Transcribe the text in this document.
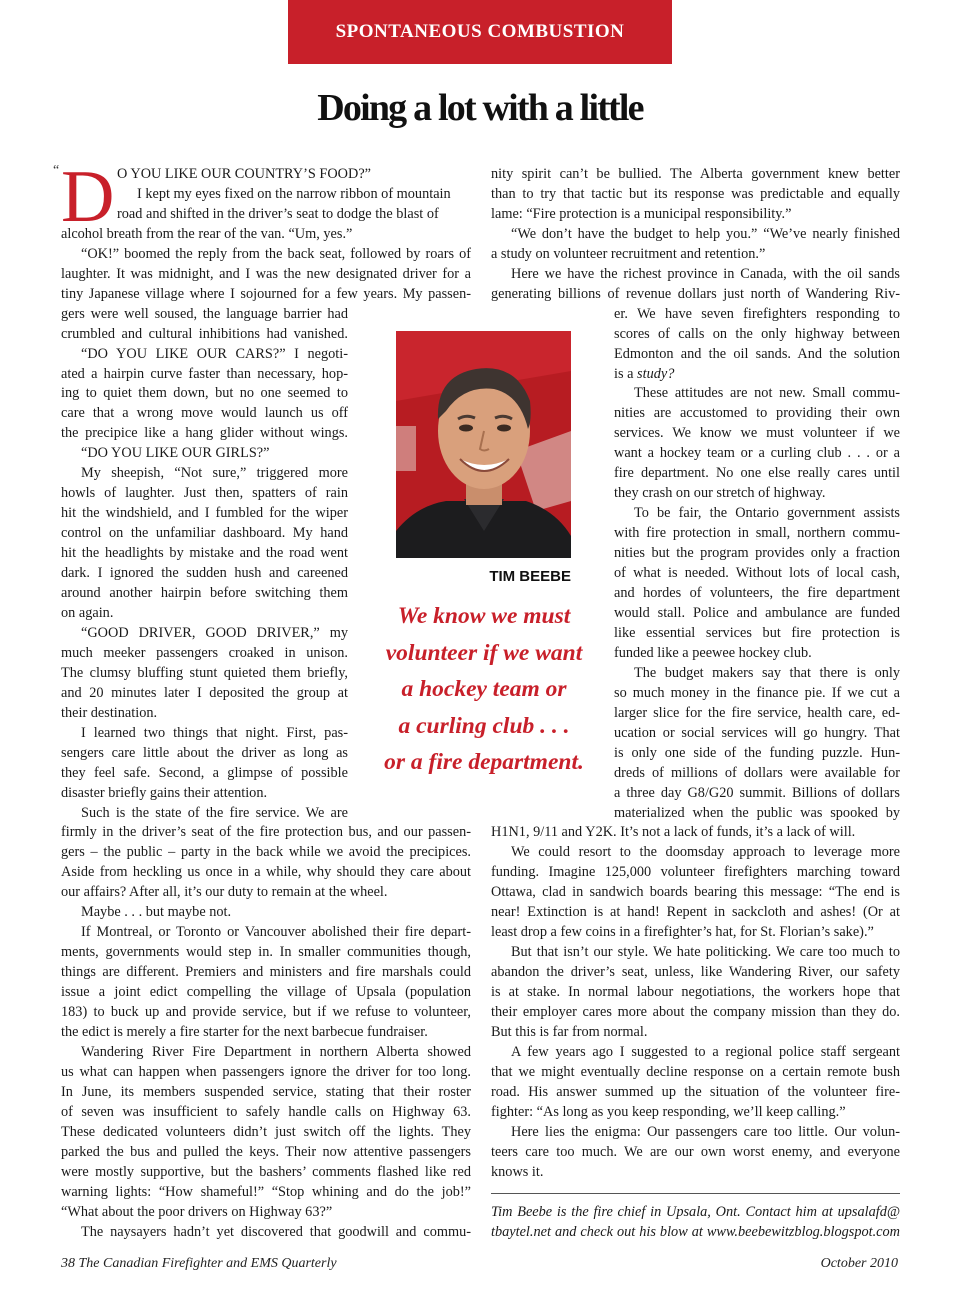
SPONTANEOUS COMBUSTION
Doing a lot with a little
“ D O YOU LIKE OUR COUNTRY’S FOOD?”
I kept my eyes fixed on the narrow ribbon of mountain
road and shifted in the driver’s seat to dodge the blast of
alcohol breath from the rear of the van. “Um, yes.”
“OK!” boomed the reply from the back seat, followed by roars of
laughter. It was midnight, and I was the new designated driver for a
tiny Japanese village where I sojourned for a few years. My passen-
gers were well soused, the language barrier had
crumbled and cultural inhibitions had vanished.
“DO YOU LIKE OUR CARS?” I negoti-
ated a hairpin curve faster than necessary, hop-
ing to quiet them down, but no one seemed to
care that a wrong move would launch us off
the precipice like a hang glider without wings.
“DO YOU LIKE OUR GIRLS?”
My sheepish, “Not sure,” triggered more
howls of laughter. Just then, spatters of rain
hit the windshield, and I fumbled for the wiper
control on the unfamiliar dashboard. My hand
hit the headlights by mistake and the road went
dark. I ignored the sudden hush and careened
around another hairpin before switching them
on again.
“GOOD DRIVER, GOOD DRIVER,” my
much meeker passengers croaked in unison.
The clumsy bluffing stunt quieted them briefly,
and 20 minutes later I deposited the group at
their destination.
I learned two things that night. First, pas-
sengers care little about the driver as long as
they feel safe. Second, a glimpse of possible
disaster briefly gains their attention.
Such is the state of the fire service. We are
firmly in the driver’s seat of the fire protection bus, and our passen-
gers – the public – party in the back while we avoid the precipices.
Aside from heckling us once in a while, why should they care about
our affairs? After all, it’s our duty to remain at the wheel.
Maybe . . . but maybe not.
If Montreal, or Toronto or Vancouver abolished their fire depart-
ments, governments would step in. In smaller communities though,
things are different. Premiers and ministers and fire marshals could
issue a joint edict compelling the village of Upsala (population
183) to buck up and provide service, but if we refuse to volunteer,
the edict is merely a fire starter for the next barbecue fundraiser.
Wandering River Fire Department in northern Alberta showed
us what can happen when passengers ignore the driver for too long.
In June, its members suspended service, stating that their roster
of seven was insufficient to safely handle calls on Highway 63.
These dedicated volunteers didn’t just switch off the lights. They
parked the bus and pulled the keys. Their now attentive passengers
were mostly supportive, but the bashers’ comments flashed like red
warning lights: “How shameful!” “Stop whining and do the job!”
“What about the poor drivers on Highway 63?”
The naysayers hadn’t yet discovered that goodwill and commu-
nity spirit can’t be bullied. The Alberta government knew better
than to try that tactic but its response was predictable and equally
lame: “Fire protection is a municipal responsibility.”
“We don’t have the budget to help you.” “We’ve nearly finished
a study on volunteer recruitment and retention.”
Here we have the richest province in Canada, with the oil sands
generating billions of revenue dollars just north of Wandering Riv-
er. We have seven firefighters responding to
scores of calls on the only highway between
Edmonton and the oil sands. And the solution
is a study?
These attitudes are not new. Small commu-
nities are accustomed to providing their own
services. We know we must volunteer if we
want a hockey team or a curling club . . . or a
fire department. No one else really cares until
they crash on our stretch of highway.
To be fair, the Ontario government assists
with fire protection in small, northern commu-
nities but the program provides only a fraction
of what is needed. Without lots of local cash,
and hordes of volunteers, the fire department
would stall. Police and ambulance are funded
like essential services but fire protection is
funded like a peewee hockey club.
The budget makers say that there is only
so much money in the finance pie. If we cut a
larger slice for the fire service, health care, ed-
ucation or social services will go hungry. That
is only one side of the funding puzzle. Hun-
dreds of millions of dollars were available for
a three day G8/G20 summit. Billions of dollars
materialized when the public was spooked by
H1N1, 9/11 and Y2K. It’s not a lack of funds, it’s a lack of will.
We could resort to the doomsday approach to leverage more
funding. Imagine 125,000 volunteer firefighters marching toward
Ottawa, clad in sandwich boards bearing this message: “The end is
near! Extinction is at hand! Repent in sackcloth and ashes! (Or at
least drop a few coins in a firefighter’s hat, for St. Florian’s sake).”
But that isn’t our style. We hate politicking. We care too much to
abandon the driver’s seat, unless, like Wandering River, our safety
is at stake. In normal labour negotiations, the workers hope that
their employer cares more about the company mission than they do.
But this is far from normal.
A few years ago I suggested to a regional police staff sergeant
that we might eventually decline response on a certain remote bush
road. His answer summed up the situation of the volunteer fire-
fighter: “As long as you keep responding, we’ll keep calling.”
Here lies the enigma: Our passengers care too little. Our volun-
teers care too much. We are our own worst enemy, and everyone
knows it.
TIM BEEBE
We know we must
volunteer if we want
a hockey team or
a curling club . . .
or a fire department.
Tim Beebe is the fire chief in Upsala, Ont. Contact him at upsalafd@
tbaytel.net and check out his blow at www.beebewitzblog.blogspot.com
38 The Canadian Firefighter and EMS Quarterly	October 2010
